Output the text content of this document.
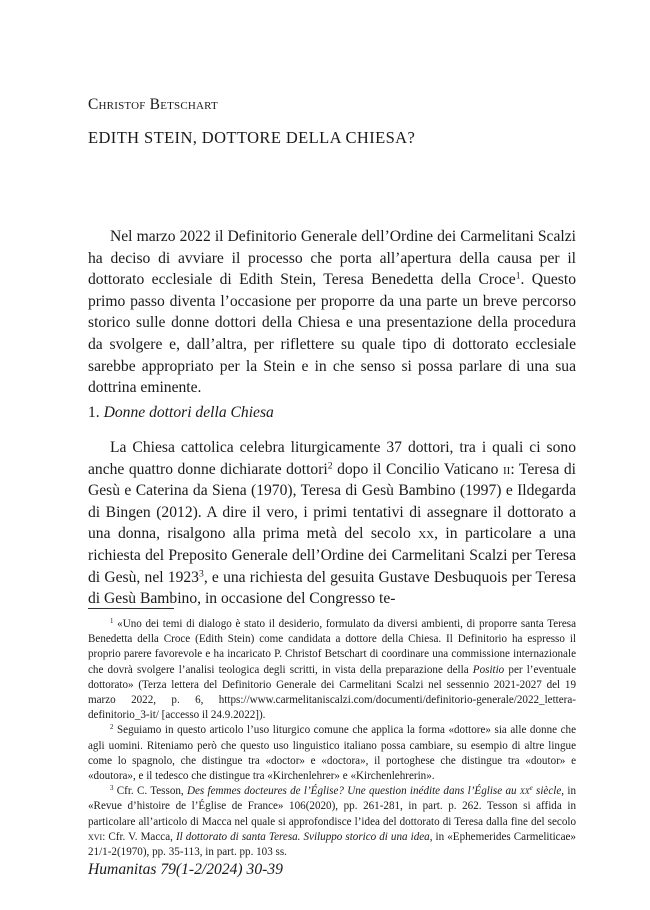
Christof Betschart
EDITH STEIN, DOTTORE DELLA CHIESA?

Nel marzo 2022 il Definitorio Generale dell’Ordine dei Carmelitani Scalzi ha deciso di avviare il processo che porta all’apertura della causa per il dottorato ecclesiale di Edith Stein, Teresa Benedetta della Croce$^1$. Questo primo passo diventa l’occasione per proporre da una parte un breve percorso storico sulle donne dottori della Chiesa e una presentazione della procedura da svolgere e, dall’altra, per riflettere su quale tipo di dottorato ecclesiale sarebbe appropriato per la Stein e in che senso si possa parlare di una sua dottrina eminente.

1. Donne dottori della Chiesa

La Chiesa cattolica celebra liturgicamente 37 dottori, tra i quali ci sono anche quattro donne dichiarate dottori$^2$ dopo il Concilio Vaticano ii: Teresa di Gesù e Caterina da Siena (1970), Teresa di Gesù Bambino (1997) e Ildegarda di Bingen (2012). A dire il vero, i primi tentativi di assegnare il dottorato a una donna, risalgono alla prima metà del secolo xx, in particolare a una richiesta del Preposito Generale dell’Ordine dei Carmelitani Scalzi per Teresa di Gesù, nel 1923$^3$, e una richiesta del gesuita Gustave Desbuquois per Teresa di Gesù Bambino, in occasione del Congresso te-

$^1$ «Uno dei temi di dialogo è stato il desiderio, formulato da diversi ambienti, di proporre santa Teresa Benedetta della Croce (Edith Stein) come candidata a dottore della Chiesa. Il Definitorio ha espresso il proprio parere favorevole e ha incaricato P. Christof Betschart di coordinare una commissione internazionale che dovrà svolgere l’analisi teologica degli scritti, in vista della preparazione della Positio per l’eventuale dottorato» (Terza lettera del Definitorio Generale dei Carmelitani Scalzi nel sessennio 2021-2027 del 19 marzo 2022, p. 6, https://www.carmelitaniscalzi.com/documenti/definitorio-generale/2022_lettera-definitorio_3-it/ [accesso il 24.9.2022]).

$^2$ Seguiamo in questo articolo l’uso liturgico comune che applica la forma «dottore» sia alle donne che agli uomini. Riteniamo però che questo uso linguistico italiano possa cambiare, su esempio di altre lingue come lo spagnolo, che distingue tra «doctor» e «doctora», il portoghese che distingue tra «doutor» e «doutora», e il tedesco che distingue tra «Kirchenlehrer» e «Kirchenlehrerin».

$^3$ Cfr. C. Tesson, Des femmes docteures de l’Église? Une question inédite dans l’Église au $xx^e$ siècle, in «Revue d’histoire de l’Église de France» 106(2020), pp. 261-281, in part. p. 262. Tesson si affida in particolare all’articolo di Macca nel quale si approfondisce l’idea del dottorato di Teresa dalla fine del secolo xvi: Cfr. V. Macca, Il dottorato di santa Teresa. Sviluppo storico di una idea, in «Ephemerides Carmeliticae» 21/1-2(1970), pp. 35-113, in part. pp. 103 ss.

Humanitas 79(1-2/2024) 30-39
